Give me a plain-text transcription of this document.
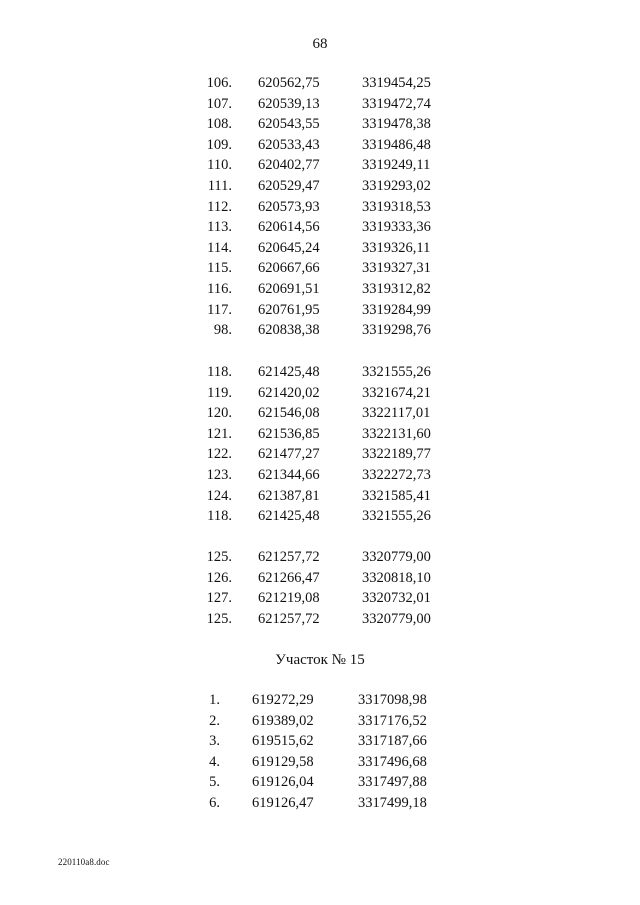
68
106. 620562,75	3319454,25
107. 620539,13	3319472,74
108. 620543,55	3319478,38
109. 620533,43	3319486,48
110. 620402,77	3319249,11
111. 620529,47	3319293,02
112. 620573,93	3319318,53
113. 620614,56	3319333,36
114. 620645,24	3319326,11
115. 620667,66	3319327,31
116. 620691,51	3319312,82
117. 620761,95	3319284,99
98. 620838,38	3319298,76
118. 621425,48	3321555,26
119. 621420,02	3321674,21
120. 621546,08	3322117,01
121. 621536,85	3322131,60
122. 621477,27	3322189,77
123. 621344,66	3322272,73
124. 621387,81	3321585,41
118. 621425,48	3321555,26
125. 621257,72	3320779,00
126. 621266,47	3320818,10
127. 621219,08	3320732,01
125. 621257,72	3320779,00
Участок № 15
1. 619272,29	3317098,98
2. 619389,02	3317176,52
3. 619515,62	3317187,66
4. 619129,58	3317496,68
5. 619126,04	3317497,88
6. 619126,47	3317499,18
220110a8.doc
